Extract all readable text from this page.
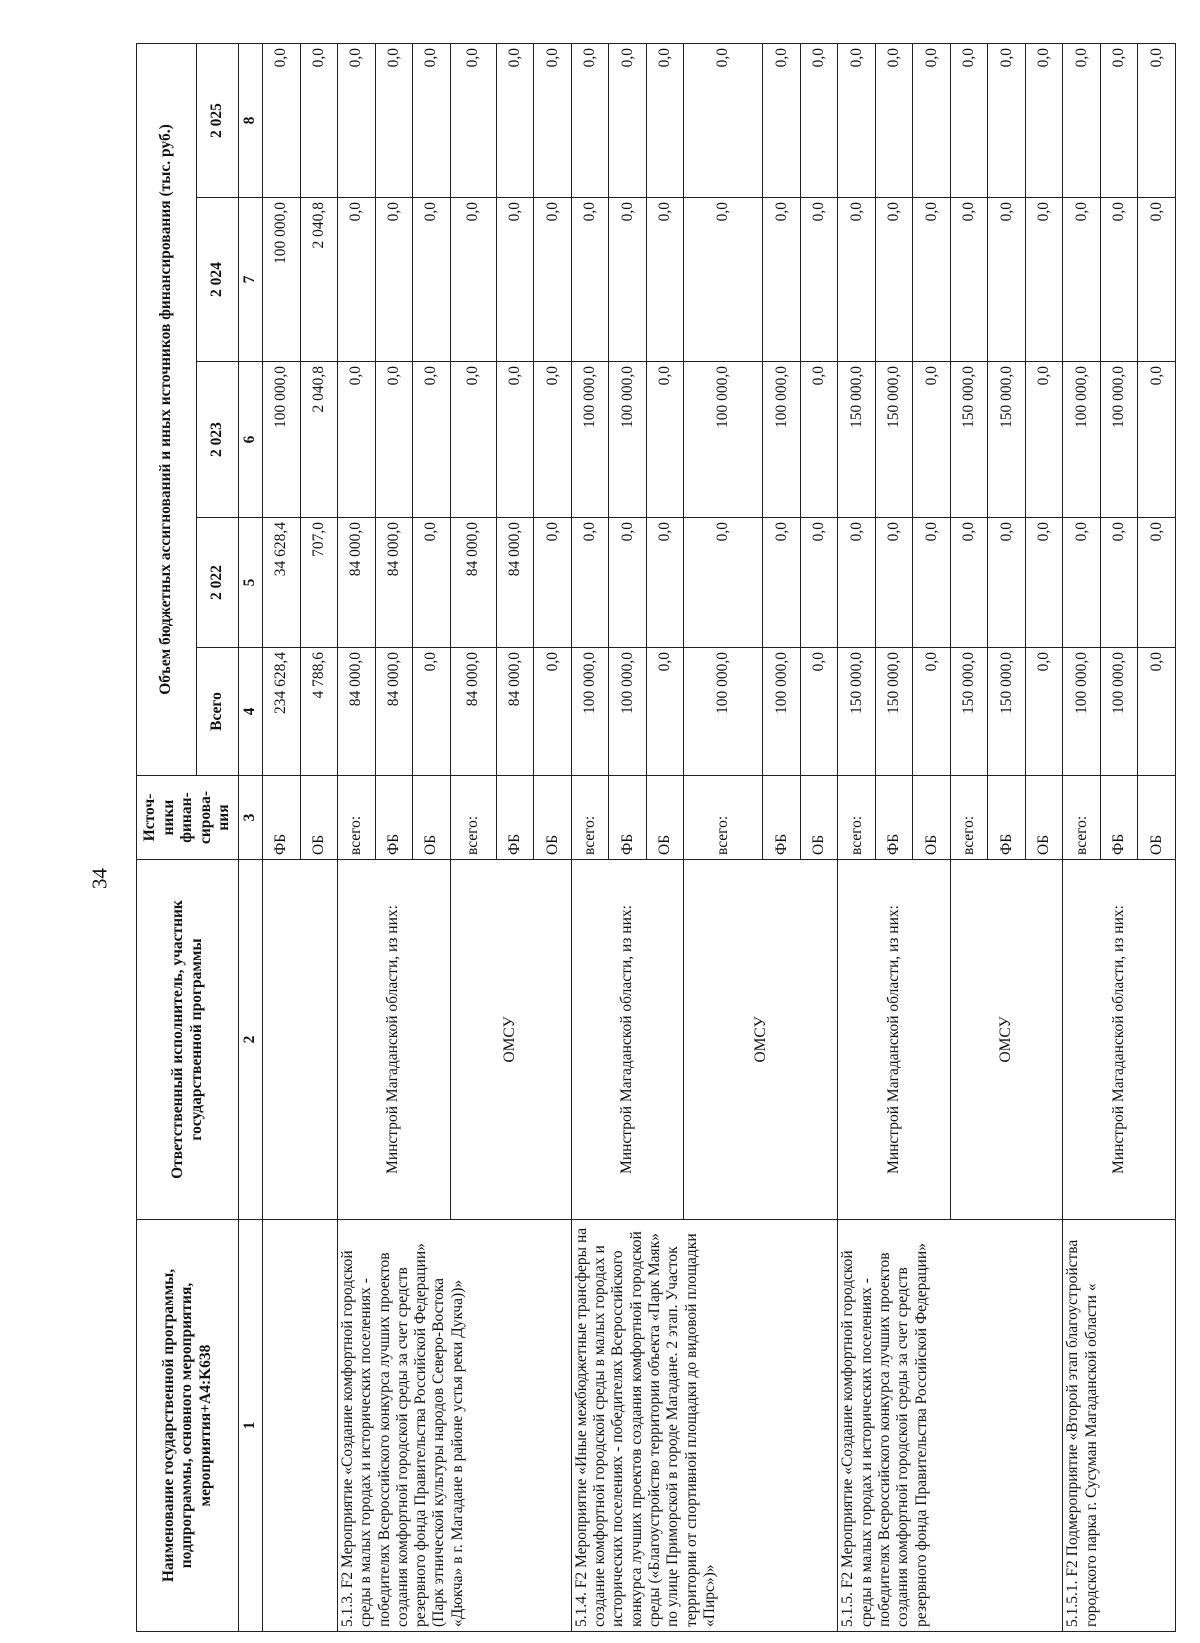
34
Наименование государственной программы, подпрограммы, основного мероприятия, мероприятия+A4:K638	Ответственный исполнитель, участник государственной программы	Источ-ники финан-сирова-ния	Объем бюджетных ассигнований и иных источников финансирования (тыс. руб.)				
			Всего	2 022	2 023	2 024	2 025
1	2	3	4	5	6	7	8
		ФБ	234 628,4	34 628,4	100 000,0	100 000,0	0,0
		ОБ	4 788,6	707,0	2 040,8	2 040,8	0,0
5.1.3. F2 Мероприятие «Создание комфортной городской среды в малых городах и исторических поселениях - победителях Всероссийского конкурса лучших проектов создания комфортной городской среды за счет средств резервного фонда Правительства Российской Федерации» (Парк этнической культуры народов Северо-Востока «Дюкча» в г. Магадане в районе устья реки Дукча))»	Минстрой Магаданской области, из них:	всего:	84 000,0	84 000,0	0,0	0,0	0,0
		ФБ	84 000,0	84 000,0	0,0	0,0	0,0
		ОБ	0,0	0,0	0,0	0,0	0,0
	ОМСУ	всего:	84 000,0	84 000,0	0,0	0,0	0,0
		ФБ	84 000,0	84 000,0	0,0	0,0	0,0
		ОБ	0,0	0,0	0,0	0,0	0,0
5.1.4. F2 Мероприятие «Иные межбюджетные трансферы на создание комфортной городской среды в малых городах и исторических поселениях - победителях Всероссийского конкурса лучших проектов создания комфортной городской среды («Благоустройство территории объекта «Парк Маяк» по улице Приморской в городе Магадане. 2 этап. Участок территории от спортивной площадки до видовой площадки «Пирс»)»	Минстрой Магаданской области, из них:	всего:	100 000,0	0,0	100 000,0	0,0	0,0
		ФБ	100 000,0	0,0	100 000,0	0,0	0,0
		ОБ	0,0	0,0	0,0	0,0	0,0
	ОМСУ	всего:	100 000,0	0,0	100 000,0	0,0	0,0
		ФБ	100 000,0	0,0	100 000,0	0,0	0,0
		ОБ	0,0	0,0	0,0	0,0	0,0
5.1.5. F2 Мероприятие «Создание комфортной городской среды в малых городах и исторических поселениях - победителях Всероссийского конкурса лучших проектов создания комфортной городской среды за счет средств резервного фонда Правительства Российской Федерации»	Минстрой Магаданской области, из них:	всего:	150 000,0	0,0	150 000,0	0,0	0,0
		ФБ	150 000,0	0,0	150 000,0	0,0	0,0
		ОБ	0,0	0,0	0,0	0,0	0,0
	ОМСУ	всего:	150 000,0	0,0	150 000,0	0,0	0,0
		ФБ	150 000,0	0,0	150 000,0	0,0	0,0
		ОБ	0,0	0,0	0,0	0,0	0,0
5.1.5.1. F2 Подмероприятие «Второй этап благоустройства городского парка г. Сусуман Магаданской области «	Минстрой Магаданской области, из них:	всего:	100 000,0	0,0	100 000,0	0,0	0,0
		ФБ	100 000,0	0,0	100 000,0	0,0	0,0
		ОБ	0,0	0,0	0,0	0,0	0,0
